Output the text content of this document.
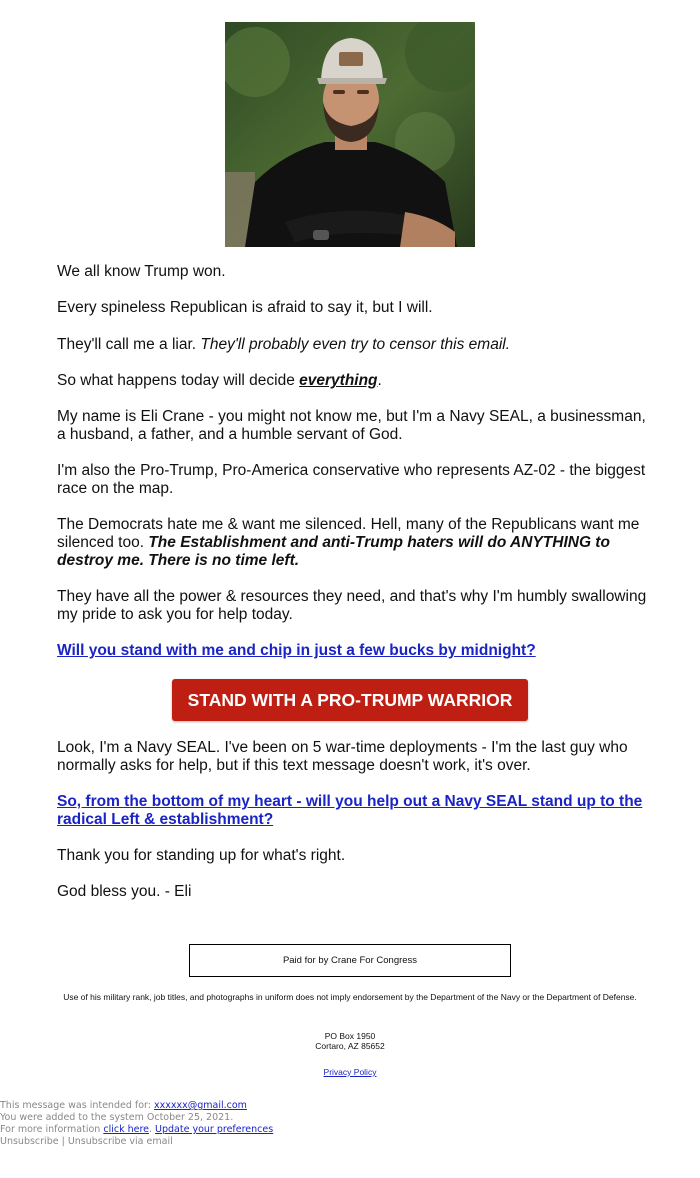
We all know Trump won.

Every spineless Republican is afraid to say it, but I will.

They'll call me a liar. They'll probably even try to censor this email.

So what happens today will decide everything.

My name is Eli Crane - you might not know me, but I'm a Navy SEAL, a businessman, a husband, a father, and a humble servant of God.

I'm also the Pro-Trump, Pro-America conservative who represents AZ-02 - the biggest race on the map.

The Democrats hate me & want me silenced. Hell, many of the Republicans want me silenced too. The Establishment and anti-Trump haters will do ANYTHING to destroy me. There is no time left.

They have all the power & resources they need, and that's why I'm humbly swallowing my pride to ask you for help today.

Will you stand with me and chip in just a few bucks by midnight?

Look, I'm a Navy SEAL. I've been on 5 war-time deployments - I'm the last guy who normally asks for help, but if this text message doesn't work, it's over.

So, from the bottom of my heart - will you help out a Navy SEAL stand up to the radical Left & establishment?

Thank you for standing up for what's right.

God bless you. - Eli

STAND WITH A PRO-TRUMP WARRIOR
Paid for by Crane For Congress
Use of his military rank, job titles, and photographs in uniform does not imply endorsement by the Department of the Navy or the Department of Defense.
PO Box 1950
Cortaro, AZ 85652
Privacy Policy
This message was intended for: xxxxxx@gmail.com
You were added to the system October 25, 2021.
For more information click here. Update your preferences
Unsubscribe | Unsubscribe via email
